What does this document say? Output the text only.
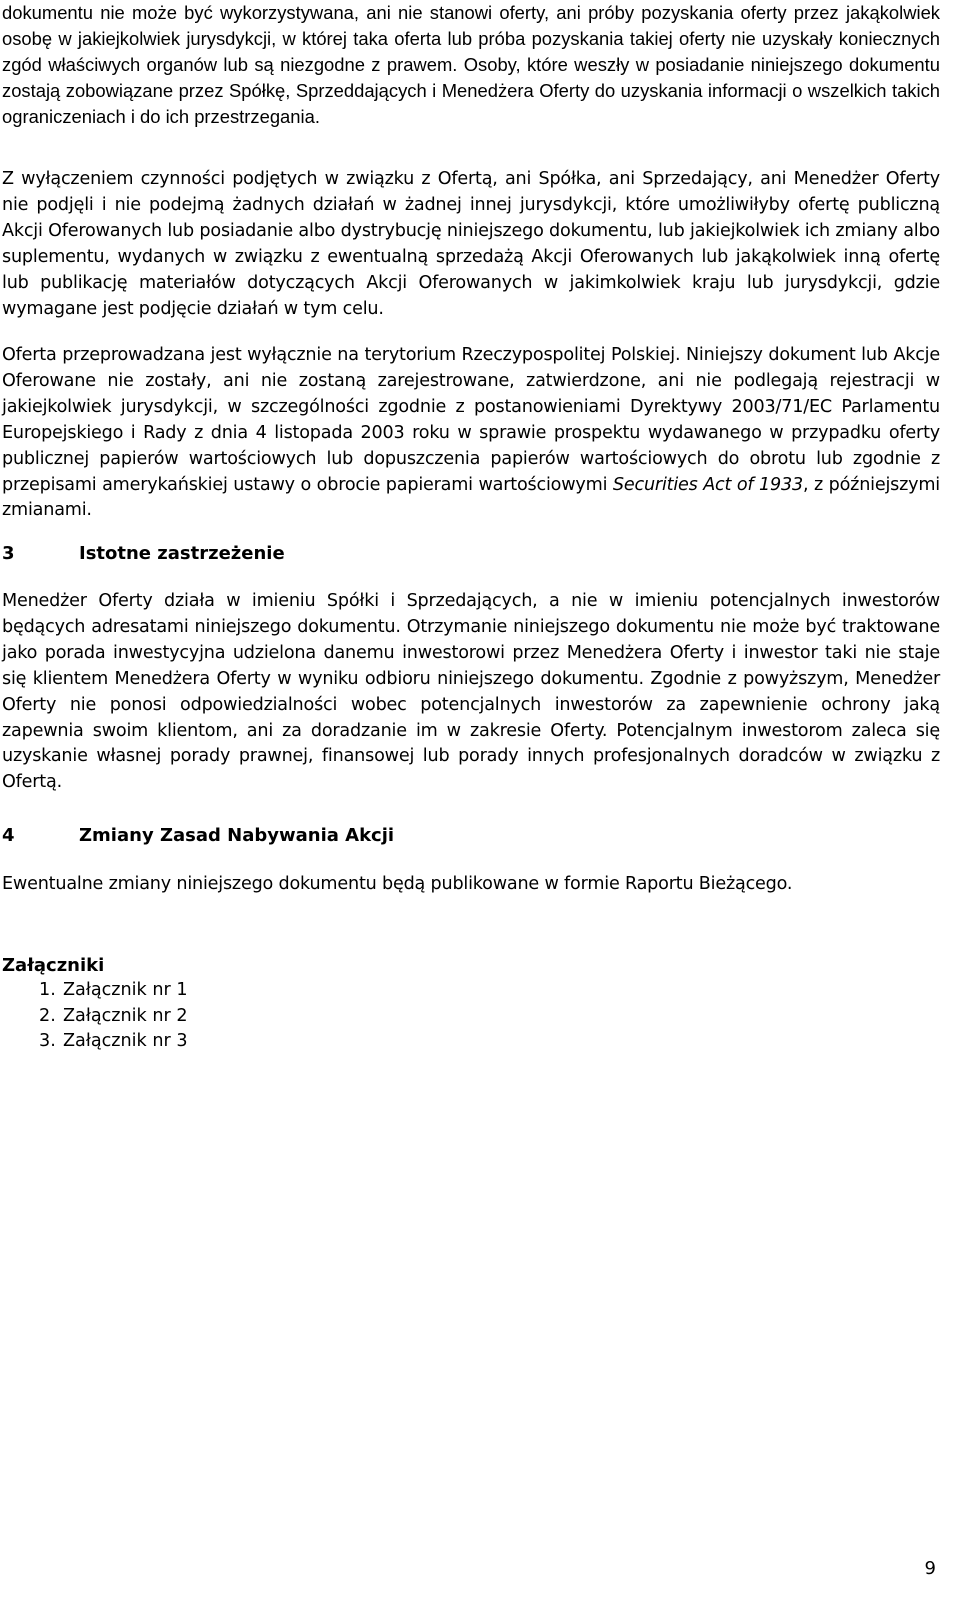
dokumentu nie może być wykorzystywana, ani nie stanowi oferty, ani próby pozyskania oferty przez jakąkolwiek osobę w jakiejkolwiek jurysdykcji, w której taka oferta lub próba pozyskania takiej oferty nie uzyskały koniecznych zgód właściwych organów lub są niezgodne z prawem. Osoby, które weszły w posiadanie niniejszego dokumentu zostają zobowiązane przez Spółkę, Sprzeddających i Menedżera Oferty do uzyskania informacji o wszelkich takich ograniczeniach i do ich przestrzegania.

Z wyłączeniem czynności podjętych w związku z Ofertą, ani Spółka, ani Sprzedający, ani Menedżer Oferty nie podjęli i nie podejmą żadnych działań w żadnej innej jurysdykcji, które umożliwiłyby ofertę publiczną Akcji Oferowanych lub posiadanie albo dystrybucję niniejszego dokumentu, lub jakiejkolwiek ich zmiany albo suplementu, wydanych w związku z ewentualną sprzedażą Akcji Oferowanych lub jakąkolwiek inną ofertę lub publikację materiałów dotyczących Akcji Oferowanych w jakimkolwiek kraju lub jurysdykcji, gdzie wymagane jest podjęcie działań w tym celu.

Oferta przeprowadzana jest wyłącznie na terytorium Rzeczypospolitej Polskiej. Niniejszy dokument lub Akcje Oferowane nie zostały, ani nie zostaną zarejestrowane, zatwierdzone, ani nie podlegają rejestracji w jakiejkolwiek jurysdykcji, w szczególności zgodnie z postanowieniami Dyrektywy 2003/71/EC Parlamentu Europejskiego i Rady z dnia 4 listopada 2003 roku w sprawie prospektu wydawanego w przypadku oferty publicznej papierów wartościowych lub dopuszczenia papierów wartościowych do obrotu lub zgodnie z przepisami amerykańskiej ustawy o obrocie papierami wartościowymi Securities Act of 1933, z późniejszymi zmianami.

3	Istotne zastrzeżenie

Menedżer Oferty działa w imieniu Spółki i Sprzedających, a nie w imieniu potencjalnych inwestorów będących adresatami niniejszego dokumentu. Otrzymanie niniejszego dokumentu nie może być traktowane jako porada inwestycyjna udzielona danemu inwestorowi przez Menedżera Oferty i inwestor taki nie staje się klientem Menedżera Oferty w wyniku odbioru niniejszego dokumentu. Zgodnie z powyższym, Menedżer Oferty nie ponosi odpowiedzialności wobec potencjalnych inwestorów za zapewnienie ochrony jaką zapewnia swoim klientom, ani za doradzanie im w zakresie Oferty. Potencjalnym inwestorom zaleca się uzyskanie własnej porady prawnej, finansowej lub porady innych profesjonalnych doradców w związku z Ofertą.

4	Zmiany Zasad Nabywania Akcji

Ewentualne zmiany niniejszego dokumentu będą publikowane w formie Raportu Bieżącego.

Załączniki
1. Załącznik nr 1
2. Załącznik nr 2
3. Załącznik nr 3
9
